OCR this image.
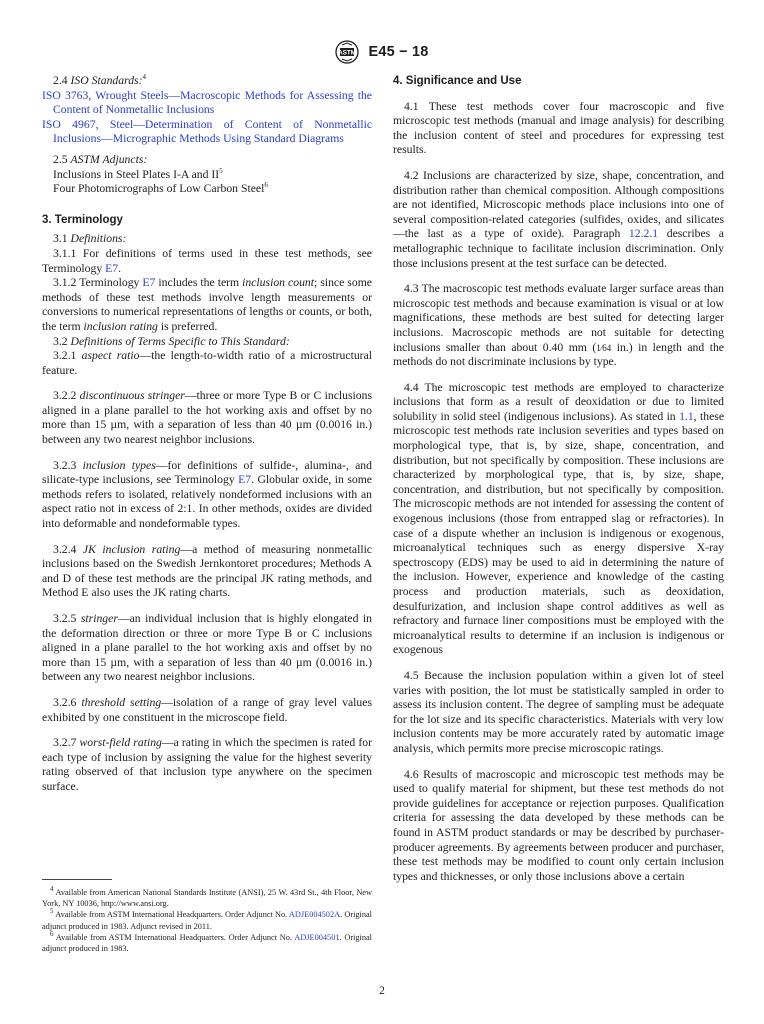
ASTM E45 − 18

2.4 ISO Standards:$^4$

ISO 3763, Wrought Steels—Macroscopic Methods for Assessing the Content of Nonmetallic Inclusions

ISO 4967, Steel—Determination of Content of Nonmetallic Inclusions—Micrographic Methods Using Standard Diagrams

2.5 ASTM Adjuncts:

Inclusions in Steel Plates I-A and $II^5$

Four Photomicrographs of Low Carbon Steel$^6$

3. Terminology

3.1 Definitions:

3.1.1 For definitions of terms used in these test methods, see Terminology E7.

3.1.2 Terminology E7 includes the term inclusion count; since some methods of these test methods involve length measurements or conversions to numerical representations of lengths or counts, or both, the term inclusion rating is preferred.

3.2 Definitions of Terms Specific to This Standard:

3.2.1 aspect ratio—the length-to-width ratio of a microstructural feature.

3.2.2 discontinuous stringer—three or more Type B or C inclusions aligned in a plane parallel to the hot working axis and offset by no more than 15 µm, with a separation of less than 40 µm (0.0016 in.) between any two nearest neighbor inclusions.

3.2.3 inclusion types—for definitions of sulfide-, alumina-, and silicate-type inclusions, see Terminology E7. Globular oxide, in some methods refers to isolated, relatively nondeformed inclusions with an aspect ratio not in excess of 2:1. In other methods, oxides are divided into deformable and nondeformable types.

3.2.4 JK inclusion rating—a method of measuring nonmetallic inclusions based on the Swedish Jernkontoret procedures; Methods A and D of these test methods are the principal JK rating methods, and Method E also uses the JK rating charts.

3.2.5 stringer—an individual inclusion that is highly elongated in the deformation direction or three or more Type B or C inclusions aligned in a plane parallel to the hot working axis and offset by no more than 15 µm, with a separation of less than 40 µm (0.0016 in.) between any two nearest neighbor inclusions.

3.2.6 threshold setting—isolation of a range of gray level values exhibited by one constituent in the microscope field.

3.2.7 worst-field rating—a rating in which the specimen is rated for each type of inclusion by assigning the value for the highest severity rating observed of that inclusion type anywhere on the specimen surface.

$^4$ Available from American National Standards Institute (ANSI), 25 W. 43rd St., 4th Floor, New York, NY 10036, http://www.ansi.org.

$^5$ Available from ASTM International Headquarters. Order Adjunct No. ADJE004502A. Original adjunct produced in 1983. Adjunct revised in 2011.

$^6$ Available from ASTM International Headquarters. Order Adjunct No. ADJE004501. Original adjunct produced in 1983.

4. Significance and Use

4.1 These test methods cover four macroscopic and five microscopic test methods (manual and image analysis) for describing the inclusion content of steel and procedures for expressing test results.

4.2 Inclusions are characterized by size, shape, concentration, and distribution rather than chemical composition. Although compositions are not identified, Microscopic methods place inclusions into one of several composition-related categories (sulfides, oxides, and silicates—the last as a type of oxide). Paragraph 12.2.1 describes a metallographic technique to facilitate inclusion discrimination. Only those inclusions present at the test surface can be detected.

4.3 The macroscopic test methods evaluate larger surface areas than microscopic test methods and because examination is visual or at low magnifications, these methods are best suited for detecting larger inclusions. Macroscopic methods are not suitable for detecting inclusions smaller than about 0.40 mm (1⁄64 in.) in length and the methods do not discriminate inclusions by type.

4.4 The microscopic test methods are employed to characterize inclusions that form as a result of deoxidation or due to limited solubility in solid steel (indigenous inclusions). As stated in 1.1, these microscopic test methods rate inclusion severities and types based on morphological type, that is, by size, shape, concentration, and distribution, but not specifically by composition. These inclusions are characterized by morphological type, that is, by size, shape, concentration, and distribution, but not specifically by composition. The microscopic methods are not intended for assessing the content of exogenous inclusions (those from entrapped slag or refractories). In case of a dispute whether an inclusion is indigenous or exogenous, microanalytical techniques such as energy dispersive X-ray spectroscopy (EDS) may be used to aid in determining the nature of the inclusion. However, experience and knowledge of the casting process and production materials, such as deoxidation, desulfurization, and inclusion shape control additives as well as refractory and furnace liner compositions must be employed with the microanalytical results to determine if an inclusion is indigenous or exogenous

4.5 Because the inclusion population within a given lot of steel varies with position, the lot must be statistically sampled in order to assess its inclusion content. The degree of sampling must be adequate for the lot size and its specific characteristics. Materials with very low inclusion contents may be more accurately rated by automatic image analysis, which permits more precise microscopic ratings.

4.6 Results of macroscopic and microscopic test methods may be used to qualify material for shipment, but these test methods do not provide guidelines for acceptance or rejection purposes. Qualification criteria for assessing the data developed by these methods can be found in ASTM product standards or may be described by purchaser-producer agreements. By agreements between producer and purchaser, these test methods may be modified to count only certain inclusion types and thicknesses, or only those inclusions above a certain

2
